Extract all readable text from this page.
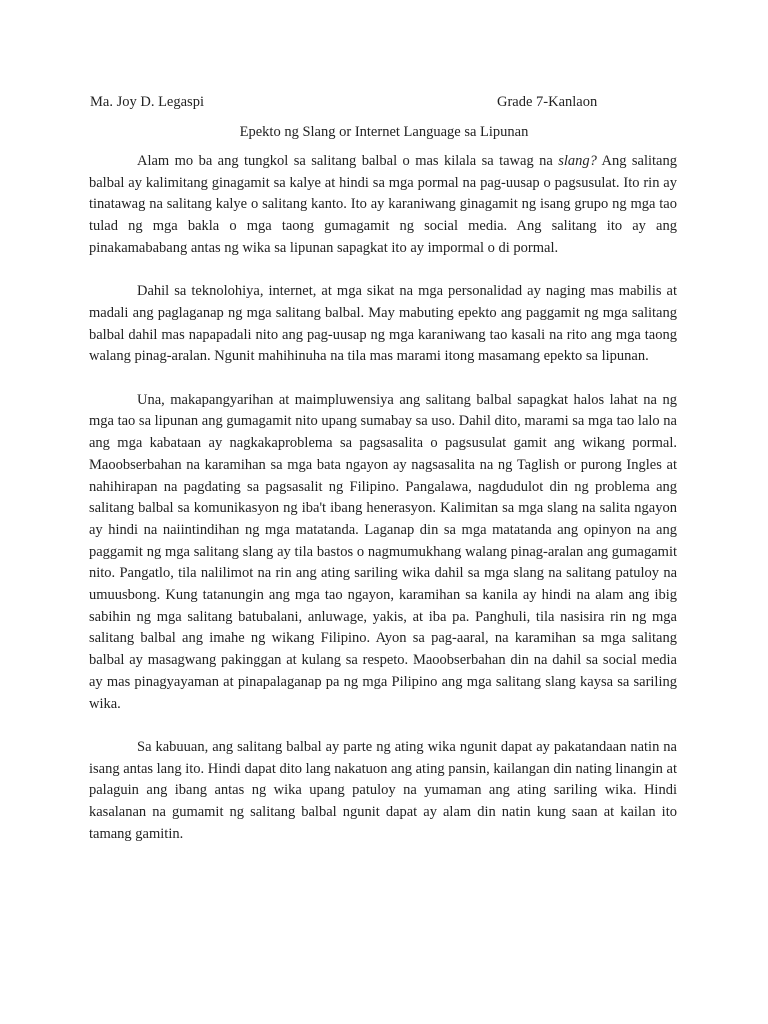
Ma. Joy D. Legaspi	Grade 7-Kanlaon
Epekto ng Slang or Internet Language sa Lipunan

Alam mo ba ang tungkol sa salitang balbal o mas kilala sa tawag na slang? Ang salitang balbal ay kalimitang ginagamit sa kalye at hindi sa mga pormal na pag-uusap o pagsusulat. Ito rin ay tinatawag na salitang kalye o salitang kanto. Ito ay karaniwang ginagamit ng isang grupo ng mga tao tulad ng mga bakla o mga taong gumagamit ng social media. Ang salitang ito ay ang pinakamababang antas ng wika sa lipunan sapagkat ito ay impormal o di pormal.

Dahil sa teknolohiya, internet, at mga sikat na mga personalidad ay naging mas mabilis at madali ang paglaganap ng mga salitang balbal. May mabuting epekto ang paggamit ng mga salitang balbal dahil mas napapadali nito ang pag-uusap ng mga karaniwang tao kasali na rito ang mga taong walang pinag-aralan. Ngunit mahihinuha na tila mas marami itong masamang epekto sa lipunan.

Una, makapangyarihan at maimpluwensiya ang salitang balbal sapagkat halos lahat na ng mga tao sa lipunan ang gumagamit nito upang sumabay sa uso. Dahil dito, marami sa mga tao lalo na ang mga kabataan ay nagkakaproblema sa pagsasalita o pagsusulat gamit ang wikang pormal. Maoobserbahan na karamihan sa mga bata ngayon ay nagsasalita na ng Taglish or purong Ingles at nahihirapan na pagdating sa pagsasalit ng Filipino. Pangalawa, nagdudulot din ng problema ang salitang balbal sa komunikasyon ng iba't ibang henerasyon. Kalimitan sa mga slang na salita ngayon ay hindi na naiintindihan ng mga matatanda. Laganap din sa mga matatanda ang opinyon na ang paggamit ng mga salitang slang ay tila bastos o nagmumukhang walang pinag-aralan ang gumagamit nito. Pangatlo, tila nalilimot na rin ang ating sariling wika dahil sa mga slang na salitang patuloy na umuusbong. Kung tatanungin ang mga tao ngayon, karamihan sa kanila ay hindi na alam ang ibig sabihin ng mga salitang batubalani, anluwage, yakis, at iba pa. Panghuli, tila nasisira rin ng mga salitang balbal ang imahe ng wikang Filipino. Ayon sa pag-aaral, na karamihan sa mga salitang balbal ay masagwang pakinggan at kulang sa respeto. Maoobserbahan din na dahil sa social media ay mas pinagyayaman at pinapalaganap pa ng mga Pilipino ang mga salitang slang kaysa sa sariling wika.

Sa kabuuan, ang salitang balbal ay parte ng ating wika ngunit dapat ay pakatandaan natin na isang antas lang ito. Hindi dapat dito lang nakatuon ang ating pansin, kailangan din nating linangin at palaguin ang ibang antas ng wika upang patuloy na yumaman ang ating sariling wika. Hindi kasalanan na gumamit ng salitang balbal ngunit dapat ay alam din natin kung saan at kailan ito tamang gamitin.
